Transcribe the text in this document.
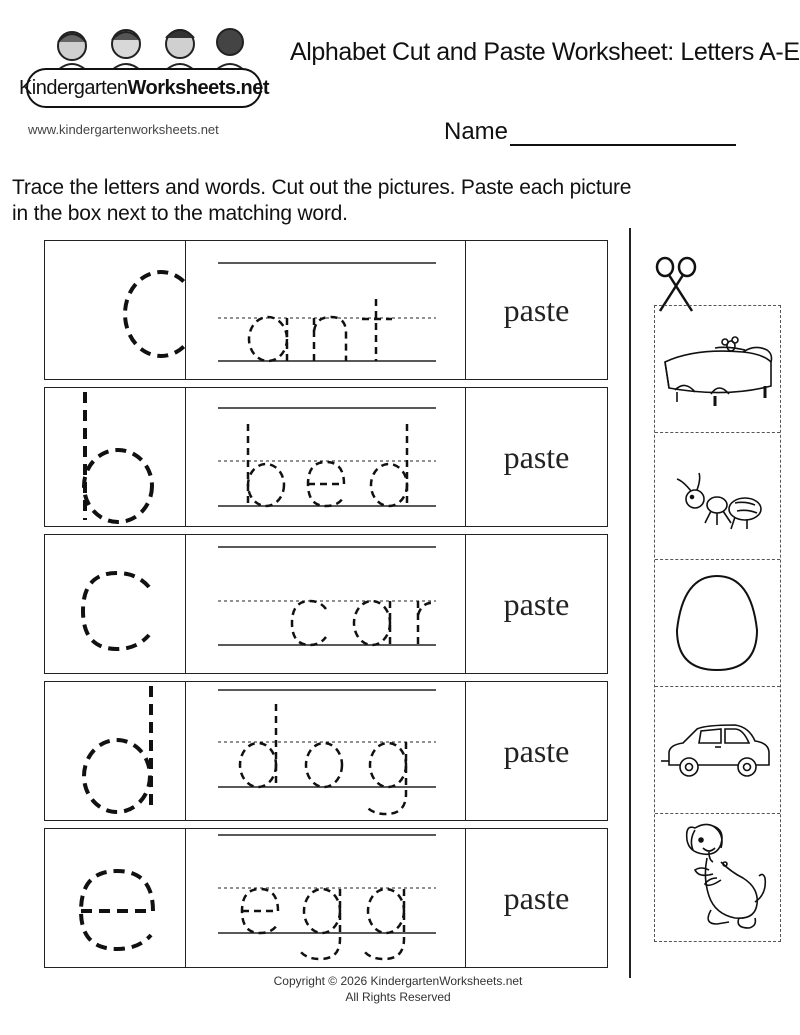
Kindergarten Worksheets.net
www.kindergartenworksheets.net
Alphabet Cut and Paste Worksheet: Letters A-E
Name
Trace the letters and words. Cut out the pictures. Paste each picture
in the box next to the matching word.
paste
paste
paste
paste
paste
Copyright © 2026 KindergartenWorksheets.net
All Rights Reserved
